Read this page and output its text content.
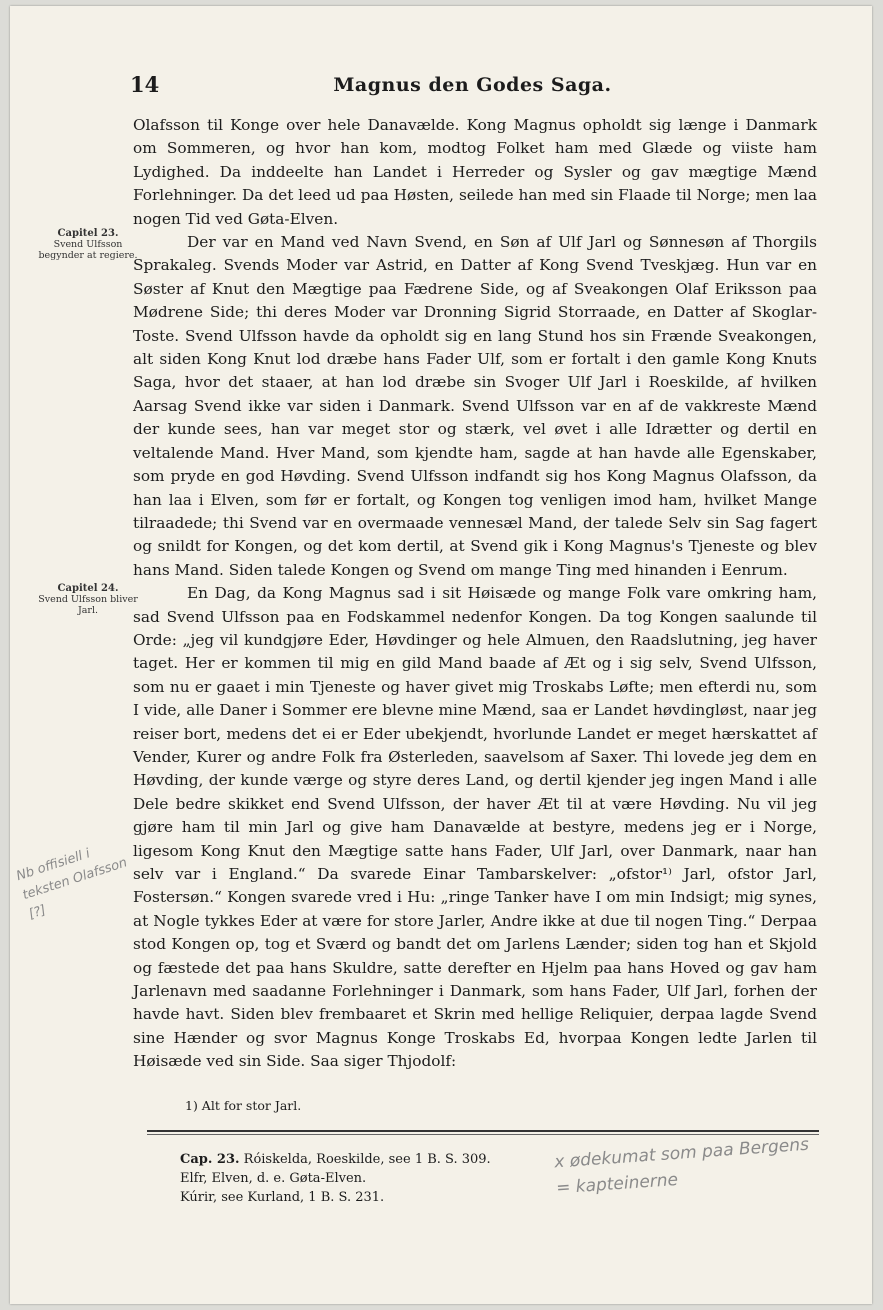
14	Magnus den Godes Saga.
Capitel 23.
Svend Ulfsson begynder at regiere.
Capitel 24.
Svend Ulfsson bliver Jarl.

Olafsson til Konge over hele Danavælde. Kong Magnus opholdt sig længe i Danmark om Sommeren, og hvor han kom, modtog Folket ham med Glæde og viiste ham Lydighed. Da inddeelte han Landet i Herreder og Sysler og gav mægtige Mænd Forlehninger. Da det leed ud paa Høsten, seilede han med sin Flaade til Norge; men laa nogen Tid ved Gøta-Elven.

Der var en Mand ved Navn Svend, en Søn af Ulf Jarl og Sønnesøn af Thorgils Sprakaleg. Svends Moder var Astrid, en Datter af Kong Svend Tveskjæg. Hun var en Søster af Knut den Mægtige paa Fædrene Side, og af Sveakongen Olaf Eriksson paa Mødrene Side; thi deres Moder var Dronning Sigrid Storraade, en Datter af Skoglar-Toste. Svend Ulfsson havde da opholdt sig en lang Stund hos sin Frænde Sveakongen, alt siden Kong Knut lod dræbe hans Fader Ulf, som er fortalt i den gamle Kong Knuts Saga, hvor det staaer, at han lod dræbe sin Svoger Ulf Jarl i Roeskilde, af hvilken Aarsag Svend ikke var siden i Danmark. Svend Ulfsson var en af de vakkreste Mænd der kunde sees, han var meget stor og stærk, vel øvet i alle Idrætter og dertil en veltalende Mand. Hver Mand, som kjendte ham, sagde at han havde alle Egenskaber, som pryde en god Høvding. Svend Ulfsson indfandt sig hos Kong Magnus Olafsson, da han laa i Elven, som før er fortalt, og Kongen tog venligen imod ham, hvilket Mange tilraadede; thi Svend var en overmaade vennesæl Mand, der talede Selv sin Sag fagert og snildt for Kongen, og det kom dertil, at Svend gik i Kong Magnus's Tjeneste og blev hans Mand. Siden talede Kongen og Svend om mange Ting med hinanden i Eenrum.

En Dag, da Kong Magnus sad i sit Høisæde og mange Folk vare omkring ham, sad Svend Ulfsson paa en Fodskammel nedenfor Kongen. Da tog Kongen saalunde til Orde: „jeg vil kundgjøre Eder, Høvdinger og hele Almuen, den Raadslutning, jeg haver taget. Her er kommen til mig en gild Mand baade af Æt og i sig selv, Svend Ulfsson, som nu er gaaet i min Tjeneste og haver givet mig Troskabs Løfte; men efterdi nu, som I vide, alle Daner i Sommer ere blevne mine Mænd, saa er Landet høvdingløst, naar jeg reiser bort, medens det ei er Eder ubekjendt, hvorlunde Landet er meget hærskattet af Vender, Kurer og andre Folk fra Østerleden, saavelsom af Saxer. Thi lovede jeg dem en Høvding, der kunde værge og styre deres Land, og dertil kjender jeg ingen Mand i alle Dele bedre skikket end Svend Ulfsson, der haver Æt til at være Høvding. Nu vil jeg gjøre ham til min Jarl og give ham Danavælde at bestyre, medens jeg er i Norge, ligesom Kong Knut den Mægtige satte hans Fader, Ulf Jarl, over Danmark, naar han selv var i England.“ Da svarede Einar Tambarskelver: „ofstor¹⁾ Jarl, ofstor Jarl, Fostersøn.“ Kongen svarede vred i Hu: „ringe Tanker have I om min Indsigt; mig synes, at Nogle tykkes Eder at være for store Jarler, Andre ikke at due til nogen Ting.“ Derpaa stod Kongen op, tog et Sværd og bandt det om Jarlens Lænder; siden tog han et Skjold og fæstede det paa hans Skuldre, satte derefter en Hjelm paa hans Hoved og gav ham Jarlenavn med saadanne Forlehninger i Danmark, som hans Fader, Ulf Jarl, forhen der havde havt. Siden blev frembaaret et Skrin med hellige Reliquier, derpaa lagde Svend sine Hænder og svor Magnus Konge Troskabs Ed, hvorpaa Kongen ledte Jarlen til Høisæde ved sin Side. Saa siger Thjodolf:

1) Alt for stor Jarl.
Cap. 23. Róiskelda, Roeskilde, see 1 B. S. 309.
Elfr, Elven, d. e. Gøta-Elven.
Kúrir, see Kurland, 1 B. S. 231.
Nb offisiell i teksten Olafsson [?]
x ødekumat som paa Bergens = kapteinerne
